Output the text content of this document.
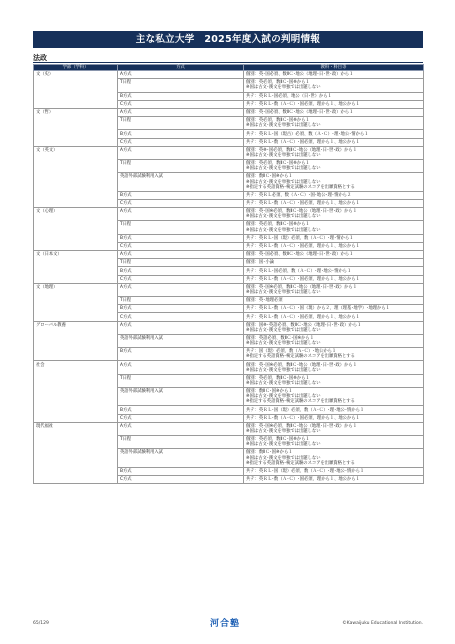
主な私立大学　2025年度入試の判明情報
法政
学部（学科）	方式	教科・科目等
文（史）	A方式	個別：英･国必須、数ⅡＣ･地公（地理･日･世･政）から１

	T日程	個別：英必須、数ⅡＣ･国※から１
※国は古文･漢文を単独では出題しない

	B方式	共テ：英ＲＬ･国必須、地公（日･世）から１

	C方式	共テ：英ＲＬ･数（Ａ･Ｃ）･国必須、理から１、地公から１

文（哲）	A方式	個別：英･国必須、数ⅡＣ･地公（地理･日･世･政）から１

	T日程	個別：英必須、数ⅡＣ･国※から１
※国は古文･漢文を単独では出題しない

	B方式	共テ：英ＲＬ･国（現古）必須、数（Ａ･Ｃ）･理･地公･情から１

	C方式	共テ：英ＲＬ･数（Ａ･Ｃ）･国必須、理から１、地公から１

文（英文）	A方式	個別：英※･国必須、数ⅡＣ･地公（地理･日･世･政）から１
※国は古文･漢文を単独では出題しない

	T日程	個別：英必須、数ⅡＣ･国※から１
※国は古文･漢文を単独では出題しない

	英語外部試験利用入試	個別：数ⅡＣ･国※から１
※国は古文･漢文を単独では出題しない
※指定する英語資格･検定試験のスコアを出願資格とする

	B方式	共テ：英ＲＬ必須、数（Ａ･Ｃ）･国･地公･理･情から２

	C方式	共テ：英ＲＬ･数（Ａ･Ｃ）･国必須、理から１、地公から１

文（心理）	A方式	個別：英･国※必須、数ⅡＣ･地公（地理･日･世･政）から１
※国は古文･漢文を単独では出題しない

	T日程	個別：英必須、数ⅡＣ･国※から１
※国は古文･漢文を単独では出題しない

	B方式	共テ：英ＲＬ･国（現）必須、数（Ａ･Ｃ）･理･情から１

	C方式	共テ：英ＲＬ･数（Ａ･Ｃ）･国必須、理から１、地公から１

文（日本文）	A方式	個別：英･国必須、数ⅡＣ･地公（地理･日･世･政）から１

	T日程	個別：国･小論

	B方式	共テ：英ＲＬ･国必須、数（Ａ･Ｃ）･理･地公･情から１

	C方式	共テ：英ＲＬ･数（Ａ･Ｃ）･国必須、理から１、地公から１

文（地理）	A方式	個別：英･国※必須、数ⅡＣ･地公（地理･日･世･政）から１
※国は古文･漢文を単独では出題しない

	T日程	個別：英･地理必須

	B方式	共テ：英ＲＬ･数（Ａ･Ｃ）･国（現）から２、理（理基･地学）･地理から１

	C方式	共テ：英ＲＬ･数（Ａ･Ｃ）･国必須、理から１、地公から１

グローバル教養	A方式	個別：国※･英語必須、数ⅡＣ･地公（地理･日･世･政）から１
※国は古文･漢文を単独では出題しない

	英語外部試験利用入試	個別：英語必須、数ⅡＣ･国※から１
※国は古文･漢文を単独では出題しない

	B方式	共テ：国（現）必須、数（Ａ･Ｃ）･地公から１
※指定する英語資格･検定試験のスコアを出願資格とする

社会	A方式	個別：英･国※必須、数ⅡＣ･地公（地理･日･世･政）から１
※国は古文･漢文を単独では出題しない

	T日程	個別：英必須、数ⅡＣ･国※から１
※国は古文･漢文を単独では出題しない

	英語外部試験利用入試	個別：数ⅡＣ･国※から１
※国は古文･漢文を単独では出題しない
※指定する英語資格･検定試験のスコアを出願資格とする

	B方式	共テ：英ＲＬ･国（現）必須、数（Ａ･Ｃ）･理･地公･情から１

	C方式	共テ：英ＲＬ･数（Ａ･Ｃ）･国必須、理から１、地公から１

現代福祉	A方式	個別：英･国※必須、数ⅡＣ･地公（地理･日･世･政）から１
※国は古文･漢文を単独では出題しない

	T日程	個別：英必須、数ⅡＣ･国※から１
※国は古文･漢文を単独では出題しない

	英語外部試験利用入試	個別：数ⅡＣ･国※から１
※国は古文･漢文を単独では出題しない
※指定する英語資格･検定試験のスコアを出願資格とする

	B方式	共テ：英ＲＬ･国（現）必須、数（Ａ･Ｃ）･理･地公･情から１

	C方式	共テ：英ＲＬ･数（Ａ･Ｃ）･国必須、理から１、地公から１
65/129	河合塾	©Kawaijuku Educational Institution.
